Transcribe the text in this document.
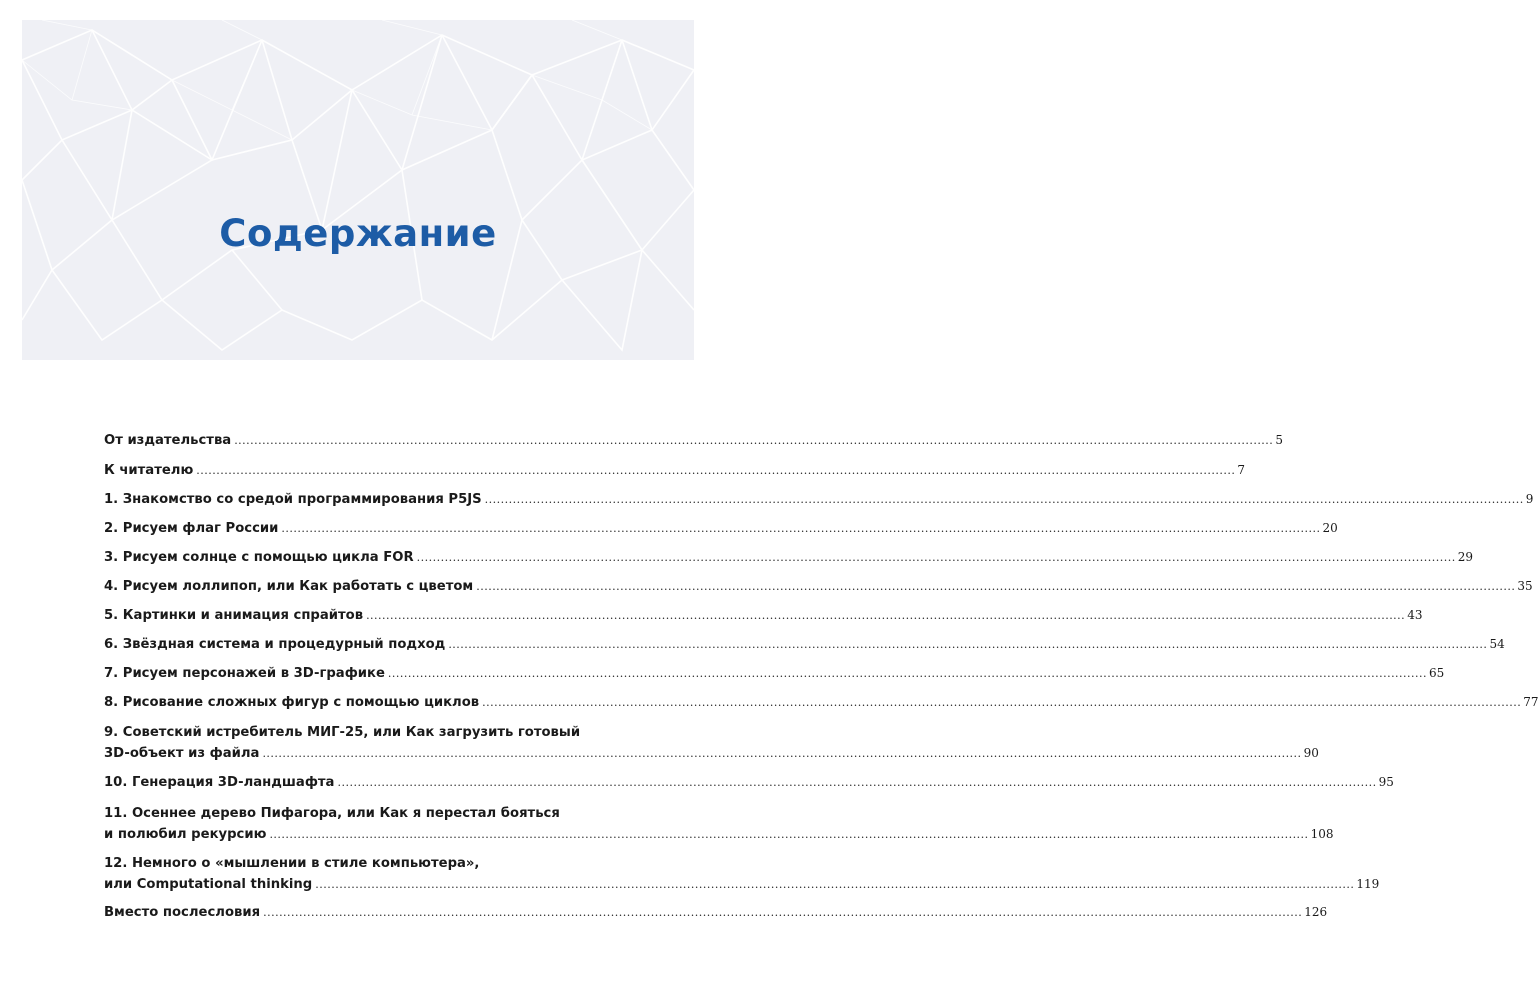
Содержание
От издательства .................................................................................................................................................................................................................................................................... 5
К читателю .................................................................................................................................................................................................................................................................... 7
1. Знакомство со средой программирования P5JS .................................................................................................................................................................................................................................................................... 9
2. Рисуем флаг России .................................................................................................................................................................................................................................................................... 20
3. Рисуем солнце с помощью цикла FOR .................................................................................................................................................................................................................................................................... 29
4. Рисуем лоллипоп, или Как работать с цветом .................................................................................................................................................................................................................................................................... 35
5. Картинки и анимация спрайтов .................................................................................................................................................................................................................................................................... 43
6. Звёздная система и процедурный подход .................................................................................................................................................................................................................................................................... 54
7. Рисуем персонажей в 3D-графике .................................................................................................................................................................................................................................................................... 65
8. Рисование сложных фигур с помощью циклов .................................................................................................................................................................................................................................................................... 77
9. Советский истребитель МИГ-25, или Как загрузить готовый
3D-объект из файла .................................................................................................................................................................................................................................................................... 90
10. Генерация 3D-ландшафта .................................................................................................................................................................................................................................................................... 95
11. Осеннее дерево Пифагора, или Как я перестал бояться
и полюбил рекурсию .................................................................................................................................................................................................................................................................... 108
12. Немного о «мышлении в стиле компьютера»,
или Computational thinking .................................................................................................................................................................................................................................................................... 119
Вместо послесловия .................................................................................................................................................................................................................................................................... 126
